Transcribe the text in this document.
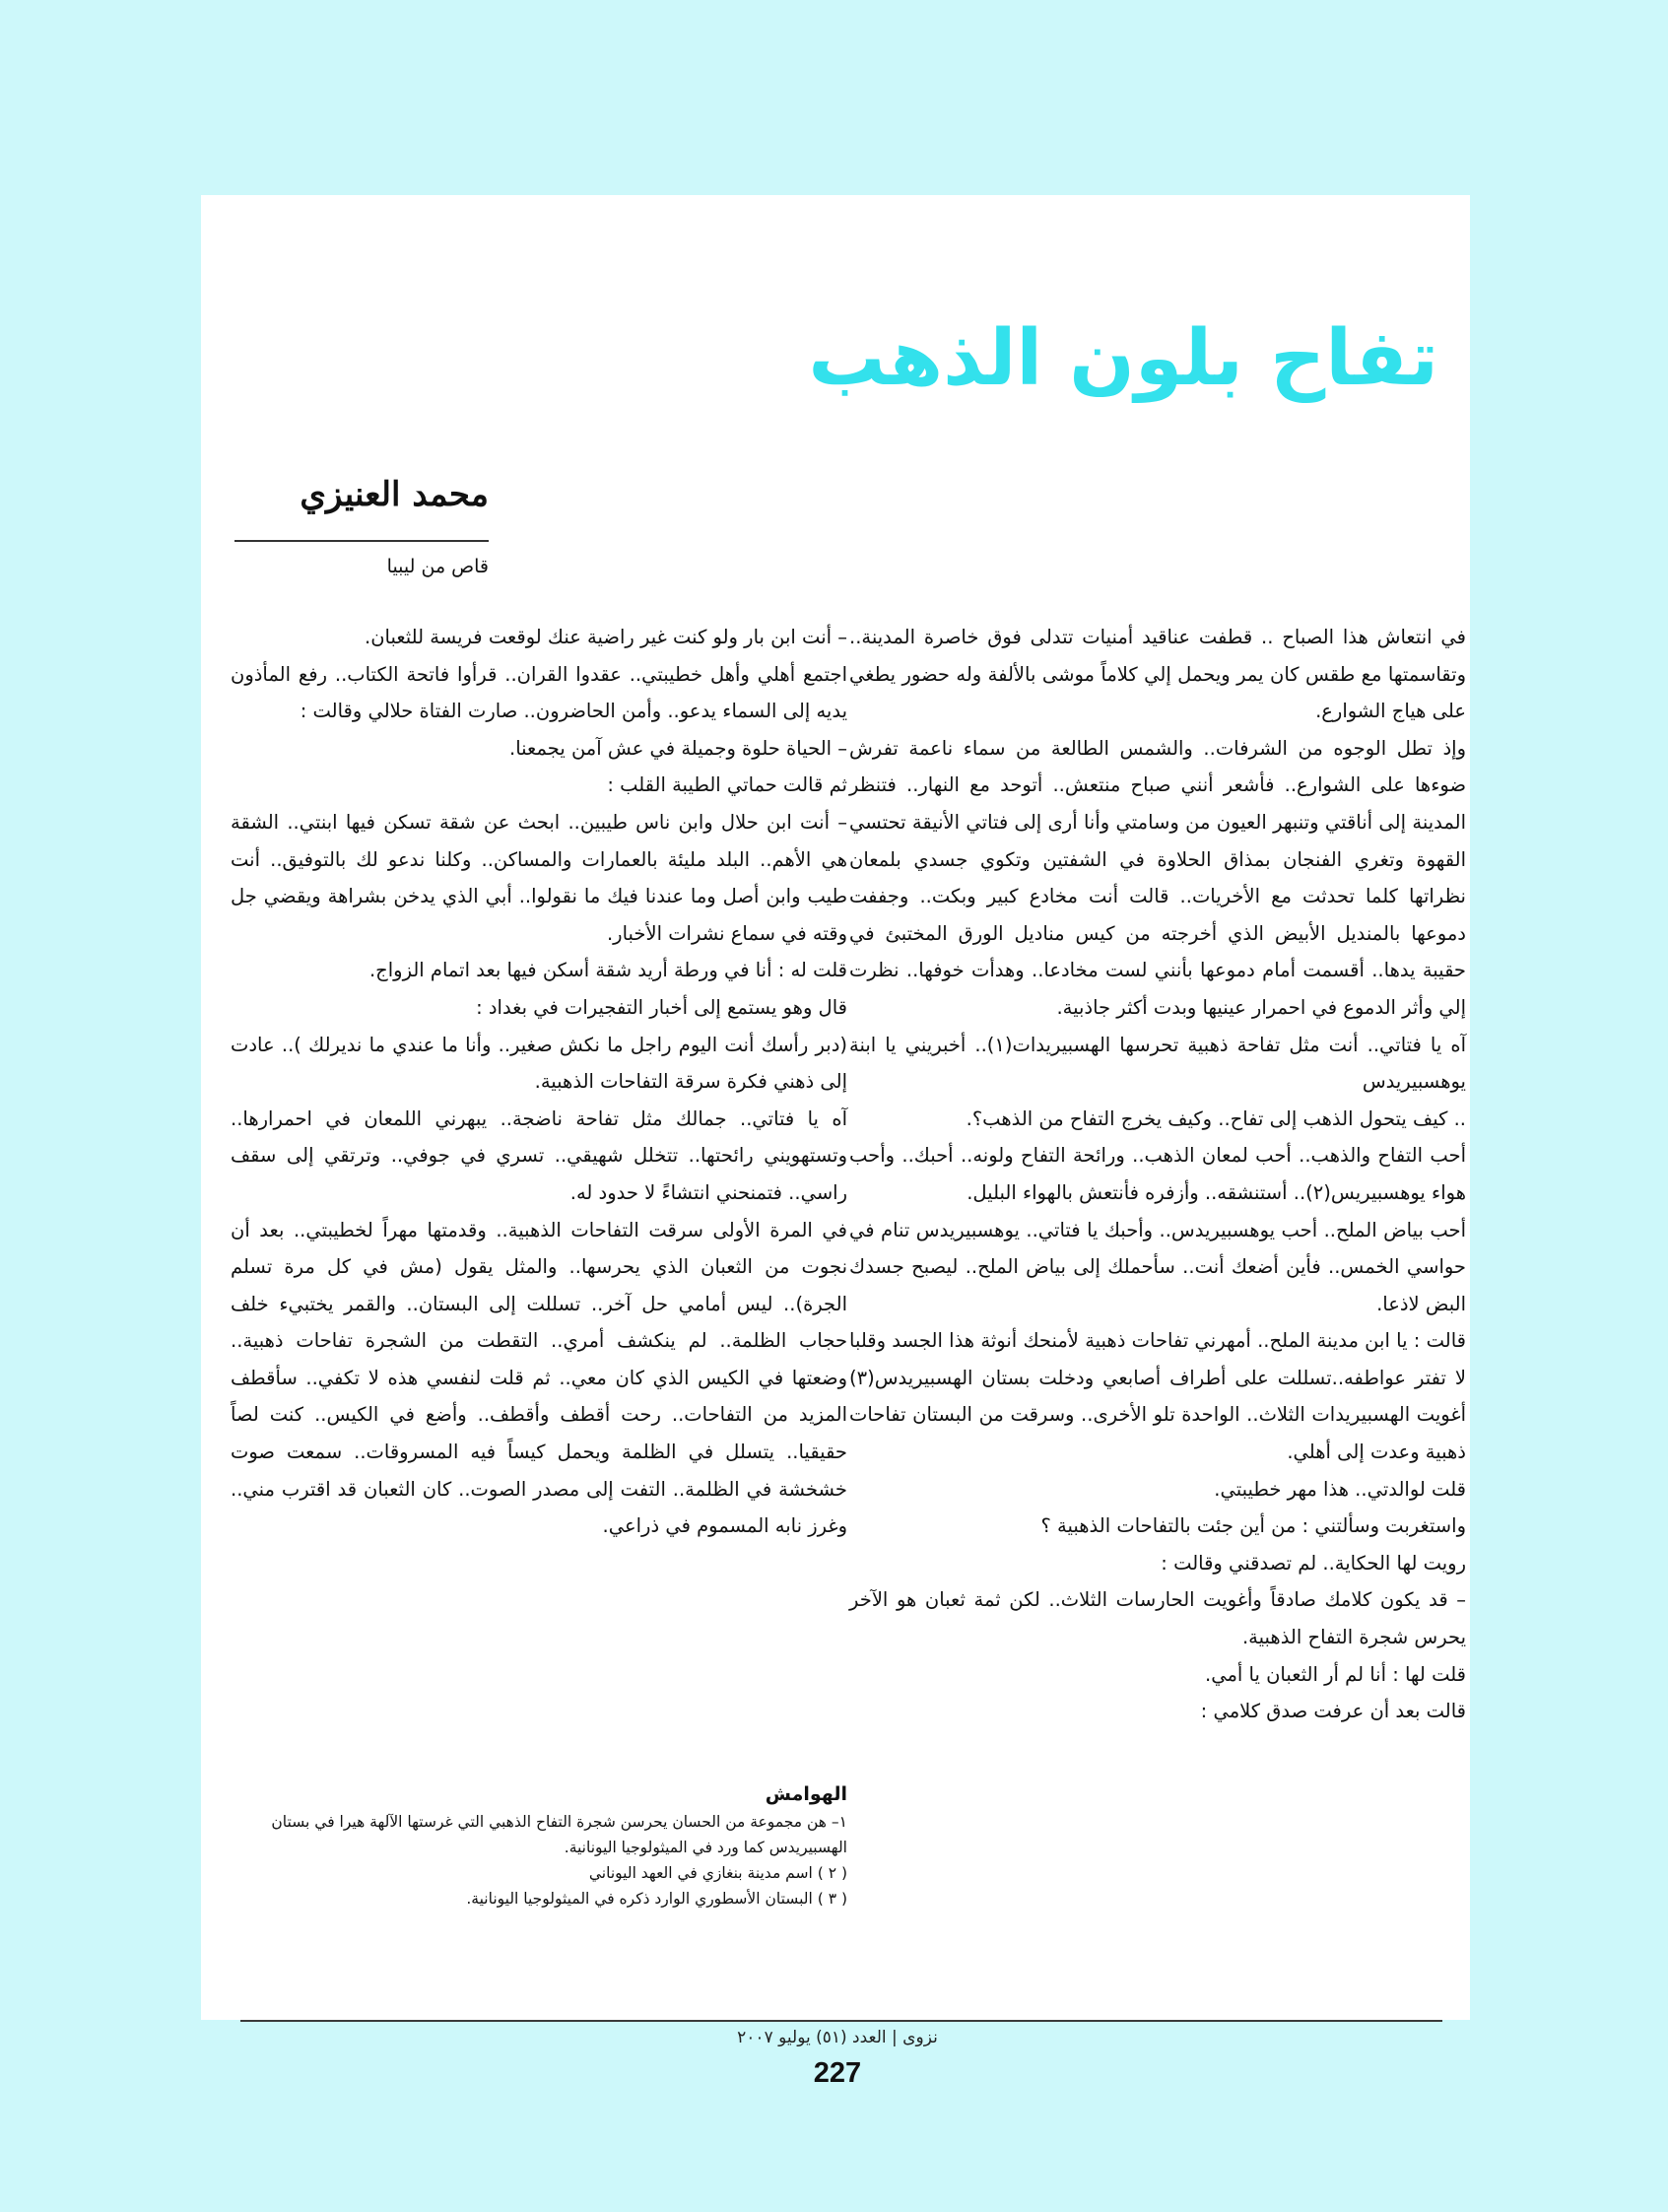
تفاح بلون الذهب
محمد العنيزي
قاص من ليبيا

في انتعاش هذا الصباح .. قطفت عناقيد أمنيات تتدلى فوق خاصرة المدينة.. وتقاسمتها مع طقس كان يمر ويحمل إلي كلاماً موشى بالألفة وله حضور يطغي على هياج الشوارع.

وإذ تطل الوجوه من الشرفات.. والشمس الطالعة من سماء ناعمة تفرش ضوءها على الشوارع.. فأشعر أنني صباح منتعش.. أتوحد مع النهار.. فتنظر المدينة إلى أناقتي وتنبهر العيون من وسامتي وأنا أرى إلى فتاتي الأنيقة تحتسي القهوة وتغري الفنجان بمذاق الحلاوة في الشفتين وتكوي جسدي بلمعان نظراتها كلما تحدثت مع الأخريات.. قالت أنت مخادع كبير وبكت.. وجففت دموعها بالمنديل الأبيض الذي أخرجته من كيس مناديل الورق المختبئ في حقيبة يدها.. أقسمت أمام دموعها بأنني لست مخادعا.. وهدأت خوفها.. نظرت إلي وأثر الدموع في احمرار عينيها وبدت أكثر جاذبية.

آه يا فتاتي.. أنت مثل تفاحة ذهبية تحرسها الهسبيريدات(١).. أخبريني يا ابنة يوهسبيريدس

.. كيف يتحول الذهب إلى تفاح.. وكيف يخرج التفاح من الذهب؟.

أحب التفاح والذهب.. أحب لمعان الذهب.. ورائحة التفاح ولونه.. أحبك.. وأحب هواء يوهسبيريس(٢).. أستنشقه.. وأزفره فأنتعش بالهواء البليل.

أحب بياض الملح.. أحب يوهسبيريدس.. وأحبك يا فتاتي.. يوهسبيريدس تنام في حواسي الخمس.. فأين أضعك أنت.. سأحملك إلى بياض الملح.. ليصبح جسدك البض لاذعا.

قالت : يا ابن مدينة الملح.. أمهرني تفاحات ذهبية لأمنحك أنوثة هذا الجسد وقلبا لا تفتر عواطفه..تسللت على أطراف أصابعي ودخلت بستان الهسبيريدس(٣) أغويت الهسبيريدات الثلاث.. الواحدة تلو الأخرى.. وسرقت من البستان تفاحات ذهبية وعدت إلى أهلي.

قلت لوالدتي.. هذا مهر خطيبتي.

واستغربت وسألتني : من أين جئت بالتفاحات الذهبية ؟

رويت لها الحكاية.. لم تصدقني وقالت :

– قد يكون كلامك صادقاً وأغويت الحارسات الثلاث.. لكن ثمة ثعبان هو الآخر يحرس شجرة التفاح الذهبية.

قلت لها : أنا لم أر الثعبان يا أمي.

قالت بعد أن عرفت صدق كلامي :

– أنت ابن بار ولو كنت غير راضية عنك لوقعت فريسة للثعبان.

اجتمع أهلي وأهل خطيبتي.. عقدوا القران.. قرأوا فاتحة الكتاب.. رفع المأذون يديه إلى السماء يدعو.. وأمن الحاضرون.. صارت الفتاة حلالي وقالت :

– الحياة حلوة وجميلة في عش آمن يجمعنا.

ثم قالت حماتي الطيبة القلب :

– أنت ابن حلال وابن ناس طيبين.. ابحث عن شقة تسكن فيها ابنتي.. الشقة هي الأهم.. البلد مليئة بالعمارات والمساكن.. وكلنا ندعو لك بالتوفيق.. أنت طيب وابن أصل وما عندنا فيك ما نقولوا.. أبي الذي يدخن بشراهة ويقضي جل وقته في سماع نشرات الأخبار.

قلت له : أنا في ورطة أريد شقة أسكن فيها بعد اتمام الزواج.

قال وهو يستمع إلى أخبار التفجيرات في بغداد :

(دبر رأسك أنت اليوم راجل ما نكش صغير.. وأنا ما عندي ما نديرلك ).. عادت إلى ذهني فكرة سرقة التفاحات الذهبية.

آه يا فتاتي.. جمالك مثل تفاحة ناضجة.. يبهرني اللمعان في احمرارها.. وتستهويني رائحتها.. تتخلل شهيقي.. تسري في جوفي.. وترتقي إلى سقف راسي.. فتمنحني انتشاءً لا حدود له.

في المرة الأولى سرقت التفاحات الذهبية.. وقدمتها مهراً لخطيبتي.. بعد أن نجوت من الثعبان الذي يحرسها.. والمثل يقول (مش في كل مرة تسلم الجرة).. ليس أمامي حل آخر.. تسللت إلى البستان.. والقمر يختبيء خلف حجاب الظلمة.. لم ينكشف أمري.. التقطت من الشجرة تفاحات ذهبية.. وضعتها في الكيس الذي كان معي.. ثم قلت لنفسي هذه لا تكفي.. سأقطف المزيد من التفاحات.. رحت أقطف وأقطف.. وأضع في الكيس.. كنت لصاً حقيقيا.. يتسلل في الظلمة ويحمل كيساً فيه المسروقات.. سمعت صوت خشخشة في الظلمة.. التفت إلى مصدر الصوت.. كان الثعبان قد اقترب مني.. وغرز نابه المسموم في ذراعي.

الهوامش

١– هن مجموعة من الحسان يحرسن شجرة التفاح الذهبي التي غرستها الآلهة هيرا في بستان الهسبيريدس كما ورد في الميثولوجيا اليونانية.

( ٢ ) اسم مدينة بنغازي في العهد اليوناني

( ٣ ) البستان الأسطوري الوارد ذكره في الميثولوجيا اليونانية.

نزوى | العدد (٥١) يوليو ٢٠٠٧
227
